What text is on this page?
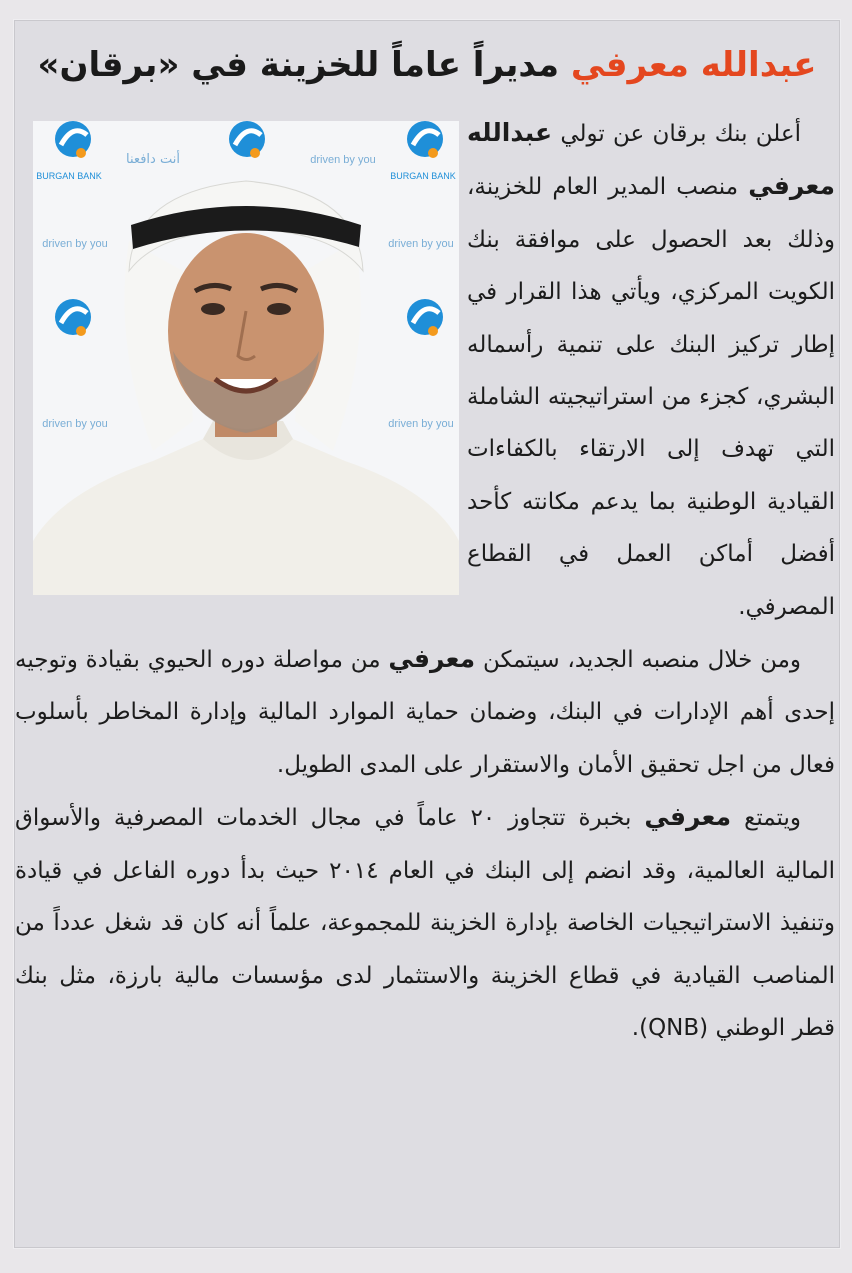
عبدالله معرفي مديراً عاماً للخزينة في «برقان»
BURGAN BANK
أنت دافعنا	driven by you
BURGAN BANK
driven by you	driven by you
driven by you	driven by you

أعلن بنك برقان عن تولي عبدالله معرفي منصب المدير العام للخزينة، وذلك بعد الحصول على موافقة بنك الكويت المركزي، ويأتي هذا القرار في إطار تركيز البنك على تنمية رأسماله البشري، كجزء من استراتيجيته الشاملة التي تهدف إلى الارتقاء بالكفاءات القيادية الوطنية بما يدعم مكانته كأحد أفضل أماكن العمل في القطاع المصرفي.

ومن خلال منصبه الجديد، سيتمكن معرفي من مواصلة دوره الحيوي بقيادة وتوجيه إحدى أهم الإدارات في البنك، وضمان حماية الموارد المالية وإدارة المخاطر بأسلوب فعال من اجل تحقيق الأمان والاستقرار على المدى الطويل.

ويتمتع معرفي بخبرة تتجاوز ٢٠ عاماً في مجال الخدمات المصرفية والأسواق المالية العالمية، وقد انضم إلى البنك في العام ٢٠١٤ حيث بدأ دوره الفاعل في قيادة وتنفيذ الاستراتيجيات الخاصة بإدارة الخزينة للمجموعة، علماً أنه كان قد شغل عدداً من المناصب القيادية في قطاع الخزينة والاستثمار لدى مؤسسات مالية بارزة، مثل بنك قطر الوطني (QNB).
